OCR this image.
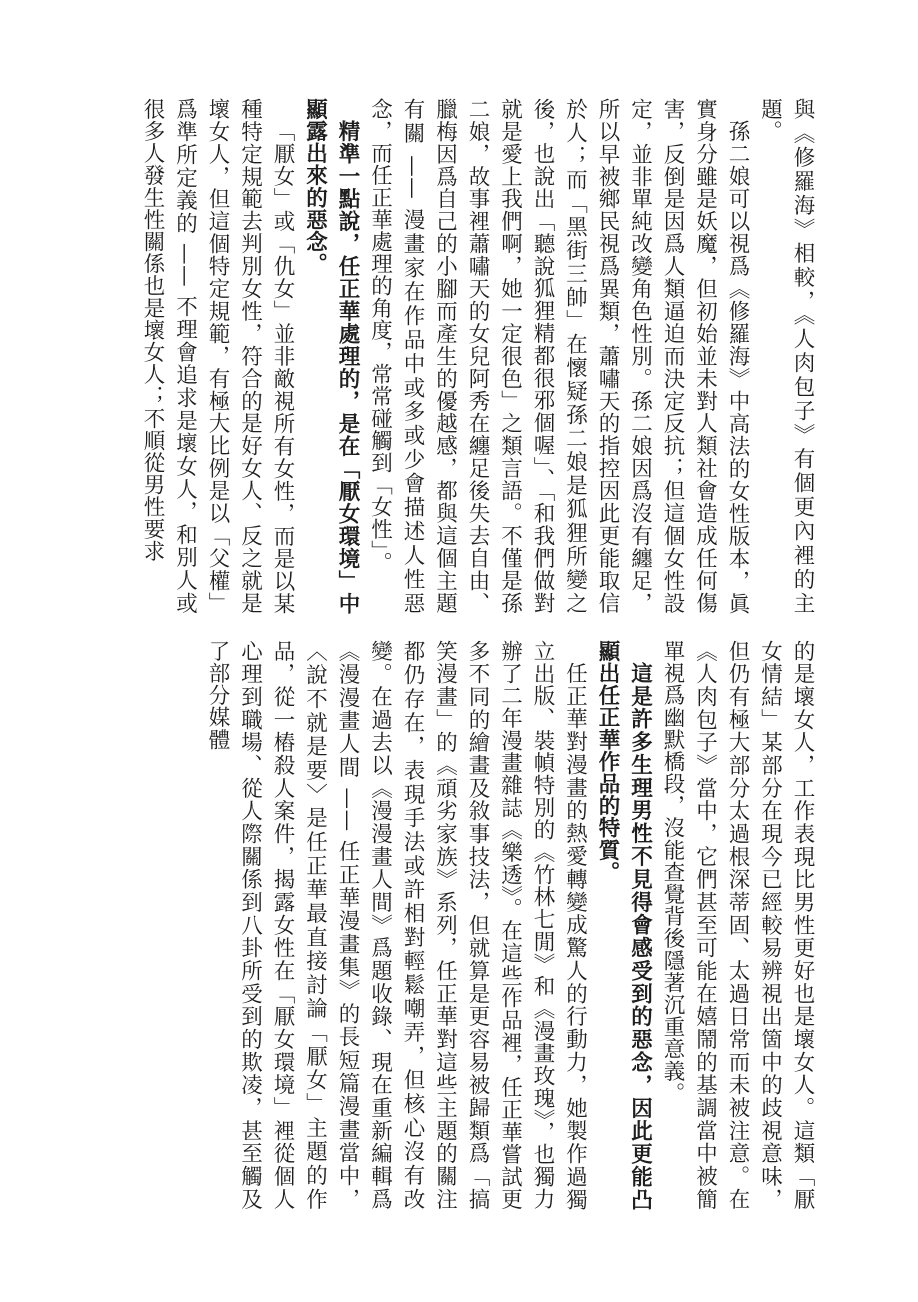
與《修羅海》相較，《人肉包子》有個更內裡的主題。

孫二娘可以視爲《修羅海》中高法的女性版本，眞實身分雖是妖魔，但初始並未對人類社會造成任何傷害，反倒是因爲人類逼迫而決定反抗；但這個女性設定，並非單純改變角色性別。孫二娘因爲沒有纏足，所以早被鄉民視爲異類，蕭嘯天的指控因此更能取信於人；而「黑街三帥」在懷疑孫二娘是狐狸所變之後，也說出「聽說狐狸精都很邪個喔」、「和我們做對就是愛上我們啊，她一定很色」之類言語。不僅是孫二娘，故事裡蕭嘯天的女兒阿秀在纏足後失去自由、臘梅因爲自己的小腳而產生的優越感，都與這個主題有關 —— 漫畫家在作品中或多或少會描述人性惡念，而任正華處理的角度，常常碰觸到「女性」。

精準一點說，任正華處理的，是在「厭女環境」中顯露出來的惡念。

「厭女」或「仇女」並非敵視所有女性，而是以某種特定規範去判別女性，符合的是好女人、反之就是壞女人，但這個特定規範，有極大比例是以「父權」爲準所定義的 —— 不理會追求是壞女人，和別人或很多人發生性關係也是壞女人；不順從男性要求

的是壞女人，工作表現比男性更好也是壞女人。這類「厭女情結」某部分在現今已經較易辨視出箇中的歧視意味，但仍有極大部分太過根深蒂固、太過日常而未被注意。在《人肉包子》當中，它們甚至可能在嬉鬧的基調當中被簡單視爲幽默橋段，沒能查覺背後隱著沉重意義。

這是許多生理男性不見得會感受到的惡念，因此更能凸顯出任正華作品的特質。

任正華對漫畫的熱愛轉變成驚人的行動力，她製作過獨立出版、裝幀特別的《竹林七閒》和《漫畫玫瑰》，也獨力辦了二年漫畫雜誌《樂透》。在這些作品裡，任正華嘗試更多不同的繪畫及敘事技法，但就算是更容易被歸類爲「搞笑漫畫」的《頑劣家族》系列，任正華對這些主題的關注都仍存在，表現手法或許相對輕鬆嘲弄，但核心沒有改變。在過去以《漫漫畫人間》爲題收錄、現在重新編輯爲《漫漫畫人間 —— 任正華漫畫集》的長短篇漫畫當中，〈說不就是要〉是任正華最直接討論「厭女」主題的作品，從一樁殺人案件，揭露女性在「厭女環境」裡從個人心理到職場、從人際關係到八卦所受到的欺凌，甚至觸及了部分媒體
